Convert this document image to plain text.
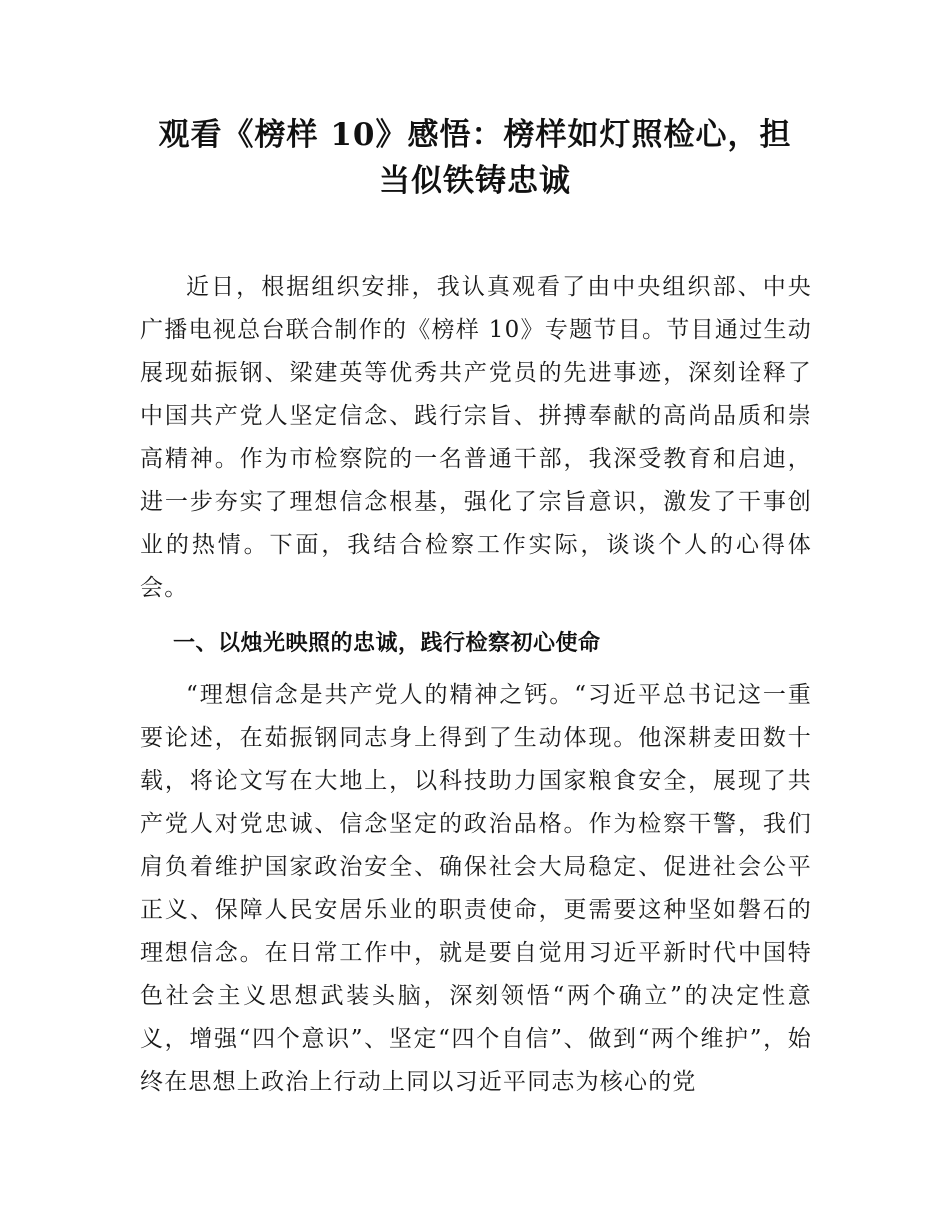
观看《榜样 10》感悟：榜样如灯照检心，担
当似铁铸忠诚

近日，根据组织安排，我认真观看了由中央组织部、中央广播电视总台联合制作的《榜样 10》专题节目。节目通过生动展现茹振钢、梁建英等优秀共产党员的先进事迹，深刻诠释了中国共产党人坚定信念、践行宗旨、拼搏奉献的高尚品质和崇高精神。作为市检察院的一名普通干部，我深受教育和启迪，进一步夯实了理想信念根基，强化了宗旨意识，激发了干事创业的热情。下面，我结合检察工作实际，谈谈个人的心得体会。

一、以烛光映照的忠诚，践行检察初心使命

“理想信念是共产党人的精神之钙。“习近平总书记这一重要论述，在茹振钢同志身上得到了生动体现。他深耕麦田数十载，将论文写在大地上，以科技助力国家粮食安全，展现了共产党人对党忠诚、信念坚定的政治品格。作为检察干警，我们肩负着维护国家政治安全、确保社会大局稳定、促进社会公平正义、保障人民安居乐业的职责使命，更需要这种坚如磐石的理想信念。在日常工作中，就是要自觉用习近平新时代中国特色社会主义思想武装头脑，深刻领悟“两个确立”的决定性意义，增强“四个意识”、坚定“四个自信”、做到“两个维护”，始终在思想上政治上行动上同以习近平同志为核心的党
